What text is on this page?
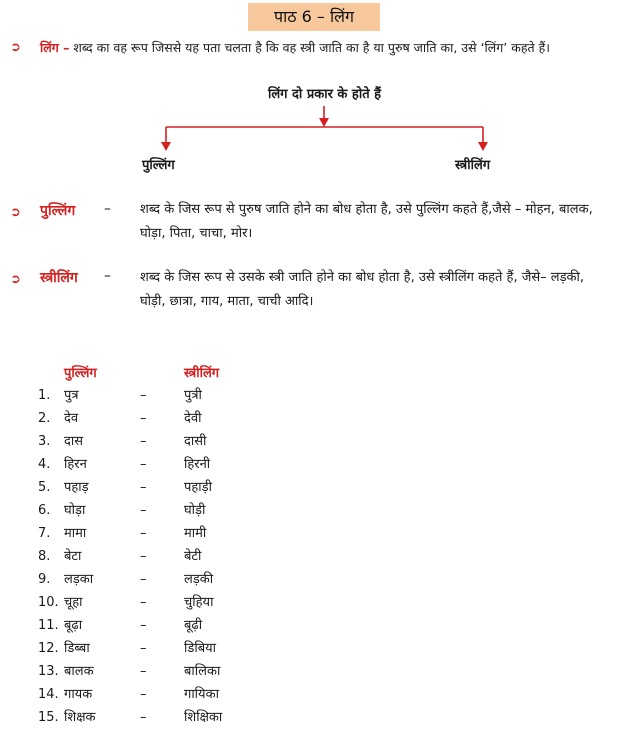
पाठ 6 – लिंग
➲ लिंग – शब्द का वह रूप जिससे यह पता चलता है कि वह स्त्री जाति का है या पुरुष जाति का, उसे ‘लिंग’ कहते हैं।
लिंग दो प्रकार के होते हैं
पुल्लिंग	स्त्रीलिंग
➲ पुल्लिंग – शब्द के जिस रूप से पुरुष जाति होने का बोध होता है, उसे पुल्लिंग कहते हैं,जैसे – मोहन, बालक,
घोड़ा, पिता, चाचा, मोर।
➲ स्त्रीलिंग – शब्द के जिस रूप से उसके स्त्री जाति होने का बोध होता है, उसे स्त्रीलिंग कहते हैं, जैसे– लड़की,
घोड़ी, छात्रा, गाय, माता, चाची आदि।
पुल्लिंग	स्त्रीलिंग
1. पुत्र	–	पुत्री
2. देव	–	देवी
3. दास	–	दासी
4. हिरन	–	हिरनी
5. पहाड़	–	पहाड़ी
6. घोड़ा	–	घोड़ी
7. मामा	–	मामी
8. बेटा	–	बेटी
9. लड़का	–	लड़की
10. चूहा	–	चुहिया
11. बूढ़ा	–	बूढ़ी
12. डिब्बा	–	डिबिया
13. बालक	–	बालिका
14. गायक	–	गायिका
15. शिक्षक	–	शिक्षिका
